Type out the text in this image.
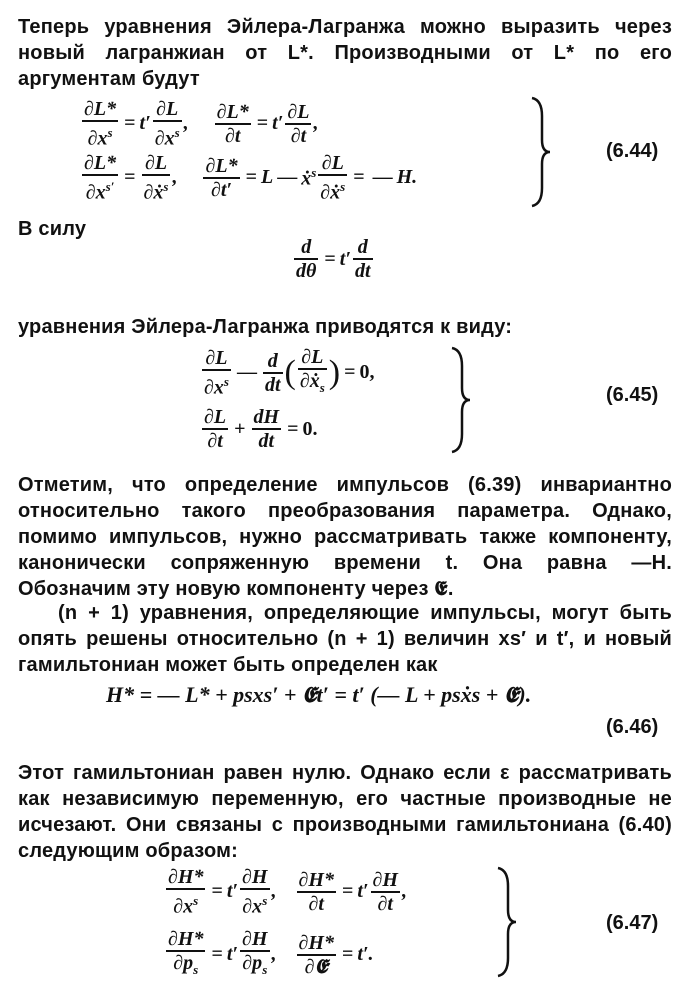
Теперь уравнения Эйлера-Лагранжа можно выразить через новый лагранжиан от L*. Производными от L* по его аргументам будут
$\frac{\partial L*}{\partial x^s} = t' \frac{\partial L}{\partial x^s}$ , $\frac{\partial L*}{\partial t} = t' \frac{\partial L}{\partial t}$ ,
$\frac{\partial L*}{\partial x^{s'}} = \frac{\partial L}{\partial ẋ^s}$ , $\frac{\partial L*}{\partial t'} = L$ — ẋ$^s$ $\frac{\partial L}{\partial ẋ^s}$ = — H.
(6.44)
В силу
$\frac{d}{d\theta} = t' \frac{d}{dt}$
уравнения Эйлера-Лагранжа приводятся к виду:
$\frac{\partial L}{\partial x^s}$ — $\frac{d}{dt}$ ( $\frac{\partial L}{\partial ẋ_s}$ ) = 0,
$\frac{\partial L}{\partial t} + \frac{dH}{dt} = 0$.
(6.45)
Отметим, что определение импульсов (6.39) инвариантно относительно такого преобразования параметра. Однако, помимо импульсов, нужно рассматривать также компоненту, канонически сопряженную времени t. Она равна —H. Обозначим эту новую компоненту через 𝕰.
(n + 1) уравнения, определяющие импульсы, могут быть опять решены относительно (n + 1) величин xs′ и t′, и новый гамильтониан может быть определен как
H* = — L* + psxs′ + 𝕰t′ = t′ (— L + psẋs + 𝕰).
(6.46)
Этот гамильтониан равен нулю. Однако если ε рассматривать как независимую переменную, его частные производные не исчезают. Они связаны с производными гамильтониана (6.40) следующим образом:
$\frac{\partial H*}{\partial x^s} = t' \frac{\partial H}{\partial x^s}$ , $\frac{\partial H*}{\partial t} = t' \frac{\partial H}{\partial t}$ ,
$\frac{\partial H*}{\partial p_s} = t' \frac{\partial H}{\partial p_s}$ , $\frac{\partial H*}{\text{∂𝕰}} = t'$.
(6.47)
